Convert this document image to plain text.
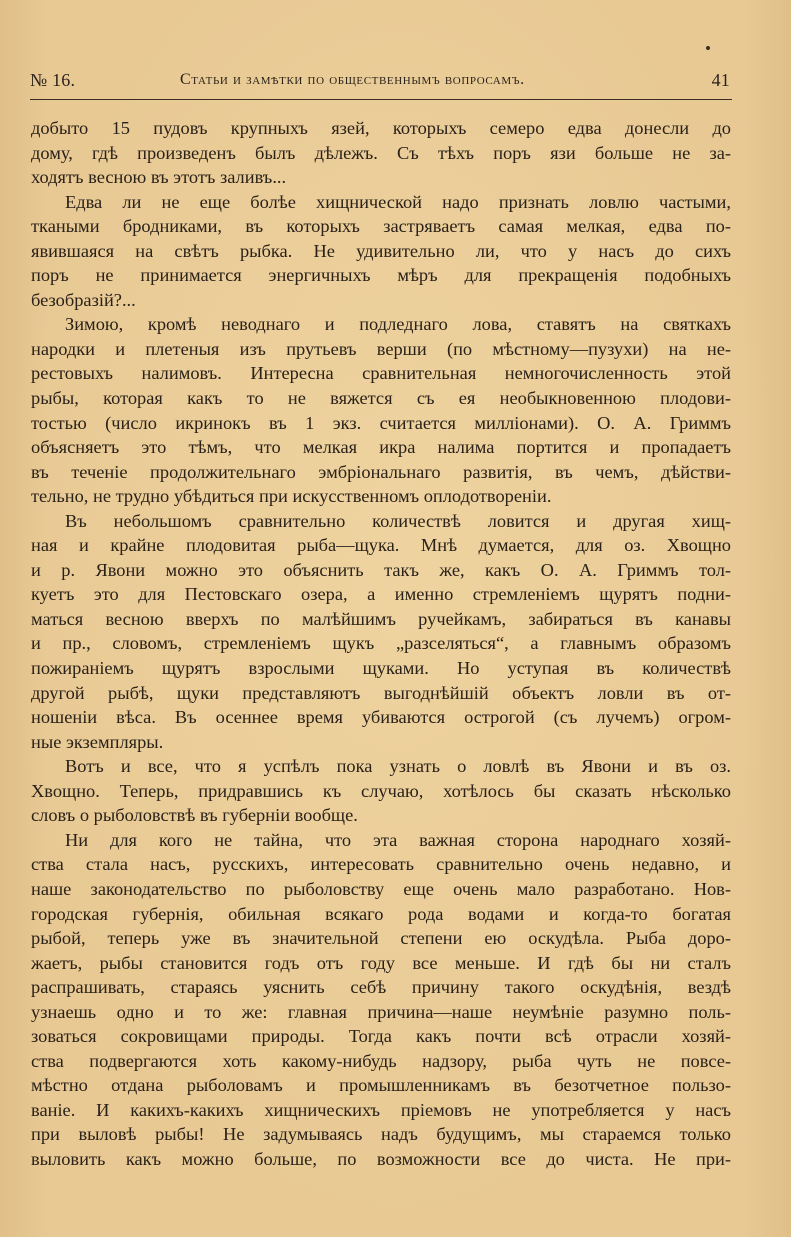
№ 16.	Статьи и замѣтки по общественнымъ вопросамъ.	41
добыто 15 пудовъ крупныхъ язей, которыхъ семеро едва донесли до
дому, гдѣ произведенъ былъ дѣлежъ. Съ тѣхъ поръ язи больше не за-
ходятъ весною въ этотъ заливъ...
Едва ли не еще болѣе хищнической надо признать ловлю частыми,
ткаными бродниками, въ которыхъ застряваетъ самая мелкая, едва по-
явившаяся на свѣтъ рыбка. Не удивительно ли, что у насъ до сихъ
поръ не принимается энергичныхъ мѣръ для прекращенія подобныхъ
безобразій?...
Зимою, кромѣ неводнаго и подледнаго лова, ставятъ на святкахъ
народки и плетеныя изъ прутьевъ верши (по мѣстному—пузухи) на не-
рестовыхъ налимовъ. Интересна сравнительная немногочисленность этой
рыбы, которая какъ то не вяжется съ ея необыкновенною плодови-
тостью (число икринокъ въ 1 экз. считается милліонами). О. А. Гриммъ
объясняетъ это тѣмъ, что мелкая икра налима портится и пропадаетъ
въ теченіе продолжительнаго эмбріональнаго развитія, въ чемъ, дѣйстви-
тельно, не трудно убѣдиться при искусственномъ оплодотвореніи.
Въ небольшомъ сравнительно количествѣ ловится и другая хищ-
ная и крайне плодовитая рыба—щука. Мнѣ думается, для оз. Хвощно
и р. Явони можно это объяснить такъ же, какъ О. А. Гриммъ тол-
куетъ это для Пестовскаго озера, а именно стремленіемъ щурятъ подни-
маться весною вверхъ по малѣйшимъ ручейкамъ, забираться въ канавы
и пр., словомъ, стремленіемъ щукъ „разселяться“, а главнымъ образомъ
пожираніемъ щурятъ взрослыми щуками. Но уступая въ количествѣ
другой рыбѣ, щуки представляютъ выгоднѣйшій объектъ ловли въ от-
ношеніи вѣса. Въ осеннее время убиваются острогой (съ лучемъ) огром-
ные экземпляры.
Вотъ и все, что я успѣлъ пока узнать о ловлѣ въ Явони и въ оз.
Хвощно. Теперь, придравшись къ случаю, хотѣлось бы сказать нѣсколько
словъ о рыболовствѣ въ губерніи вообще.
Ни для кого не тайна, что эта важная сторона народнаго хозяй-
ства стала насъ, русскихъ, интересовать сравнительно очень недавно, и
наше законодательство по рыболовству еще очень мало разработано. Нов-
городская губернія, обильная всякаго рода водами и когда-то богатая
рыбой, теперь уже въ значительной степени ею оскудѣла. Рыба доро-
жаетъ, рыбы становится годъ отъ году все меньше. И гдѣ бы ни сталъ
распрашивать, стараясь уяснить себѣ причину такого оскудѣнія, вездѣ
узнаешь одно и то же: главная причина—наше неумѣніе разумно поль-
зоваться сокровищами природы. Тогда какъ почти всѣ отрасли хозяй-
ства подвергаются хоть какому-нибудь надзору, рыба чуть не повсе-
мѣстно отдана рыболовамъ и промышленникамъ въ безотчетное пользо-
ваніе. И какихъ-какихъ хищническихъ пріемовъ не употребляется у насъ
при выловѣ рыбы! Не задумываясь надъ будущимъ, мы стараемся только
выловить какъ можно больше, по возможности все до чиста. Не при-
